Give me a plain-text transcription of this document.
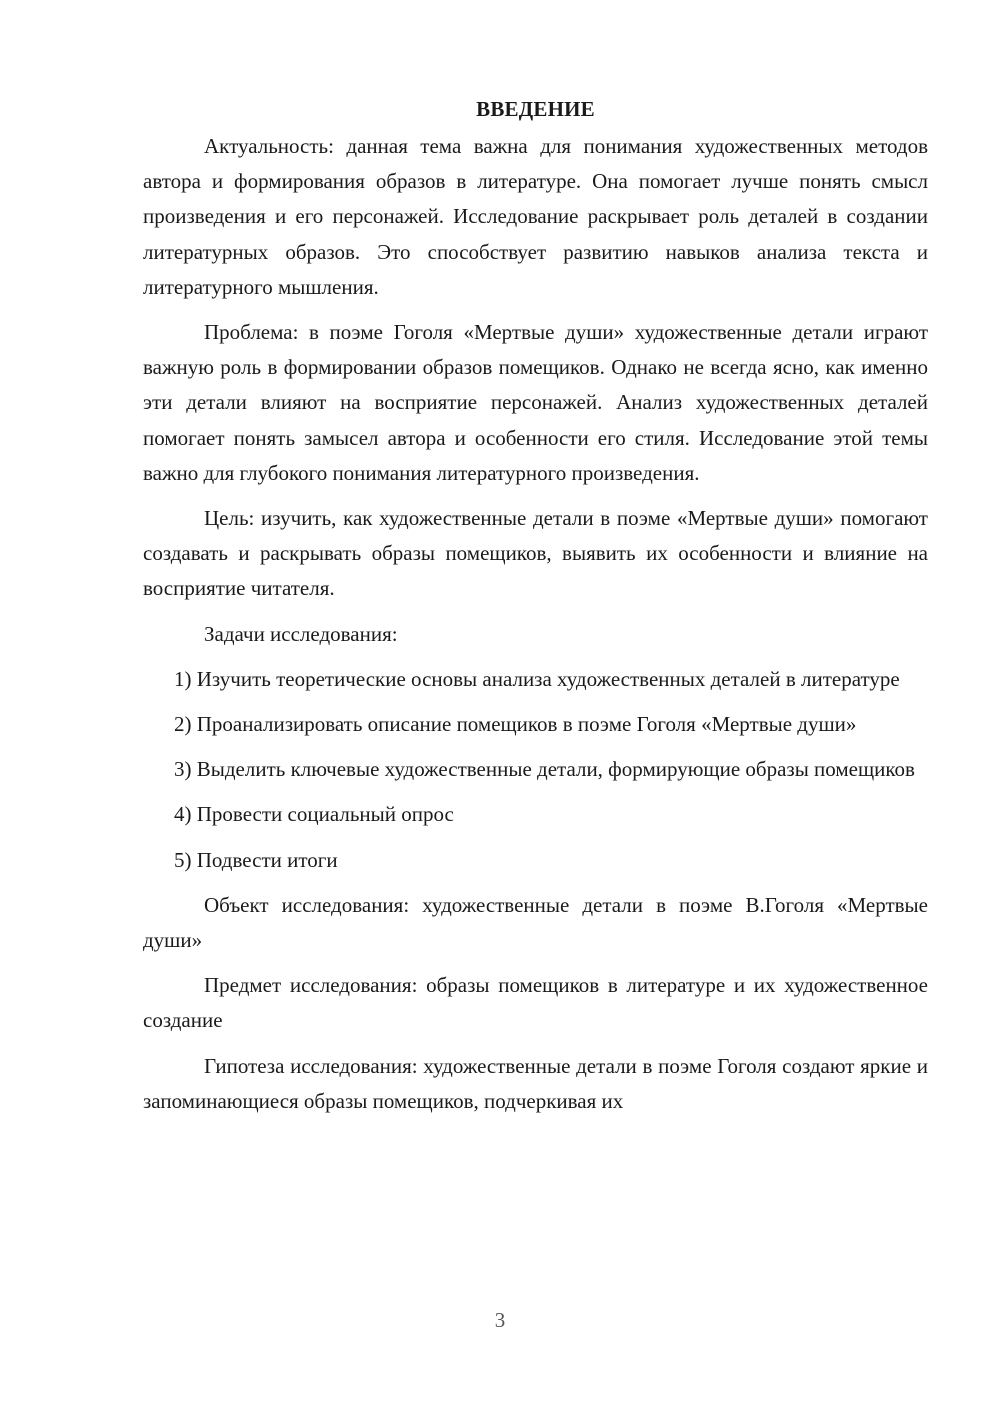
ВВЕДЕНИЕ

Актуальность: данная тема важна для понимания художественных методов автора и формирования образов в литературе. Она помогает лучше понять смысл произведения и его персонажей. Исследование раскрывает роль деталей в создании литературных образов. Это способствует развитию навыков анализа текста и литературного мышления.

Проблема: в поэме Гоголя «Мертвые души» художественные детали играют важную роль в формировании образов помещиков. Однако не всегда ясно, как именно эти детали влияют на восприятие персонажей. Анализ художественных деталей помогает понять замысел автора и особенности его стиля. Исследование этой темы важно для глубокого понимания литературного произведения.

Цель: изучить, как художественные детали в поэме «Мертвые души» помогают создавать и раскрывать образы помещиков, выявить их особенности и влияние на восприятие читателя.

Задачи исследования:

1) Изучить теоретические основы анализа художественных деталей в литературе

2) Проанализировать описание помещиков в поэме Гоголя «Мертвые души»

3) Выделить ключевые художественные детали, формирующие образы помещиков

4) Провести социальный опрос

5) Подвести итоги

Объект исследования: художественные детали в поэме В.Гоголя «Мертвые души»

Предмет исследования: образы помещиков в литературе и их художественное создание

Гипотеза исследования: художественные детали в поэме Гоголя создают яркие и запоминающиеся образы помещиков, подчеркивая их

3
